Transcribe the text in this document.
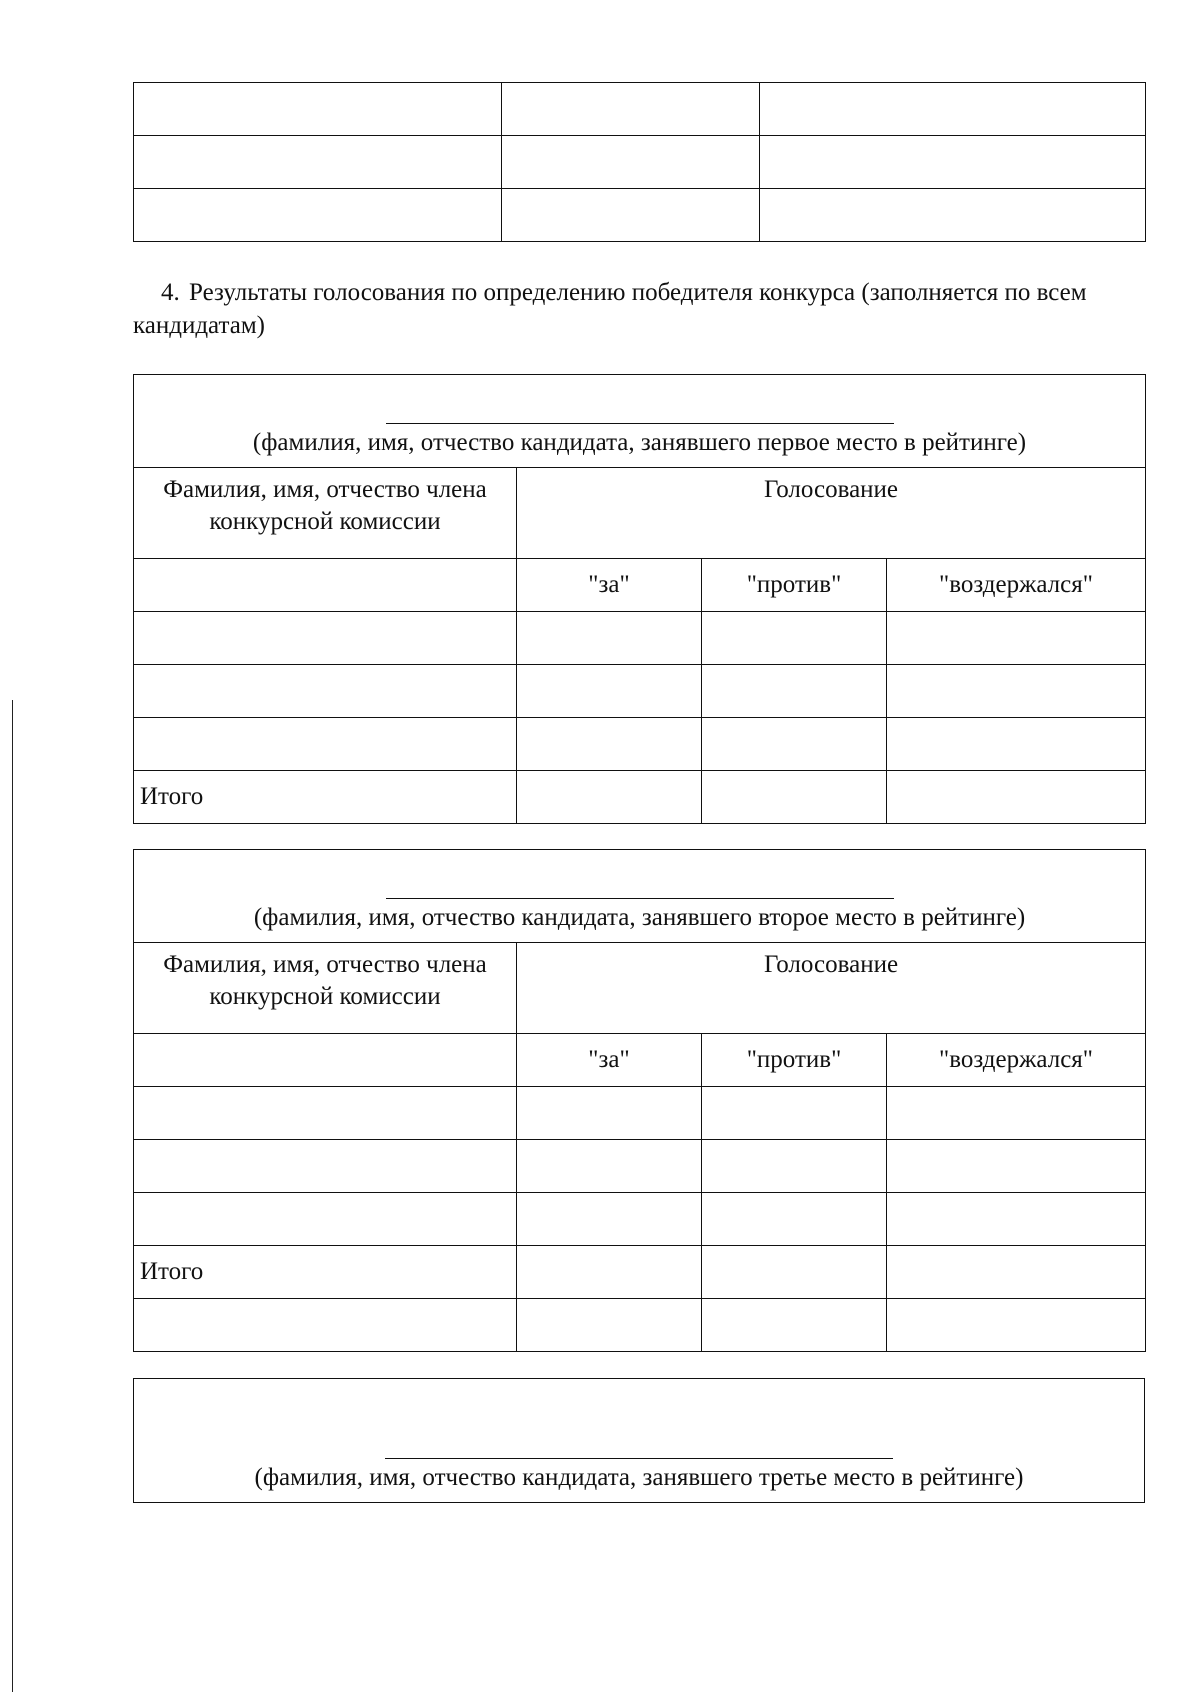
4. Результаты голосования по определению победителя конкурса (заполняется по всем кандидатам)
(фамилия, имя, отчество кандидата, занявшего первое место в рейтинге)			
Фамилия, имя, отчество члена конкурсной комиссии	Голосование		
	"за"	"против"	"воздержался"

Итого			
(фамилия, имя, отчество кандидата, занявшего второе место в рейтинге)			
Фамилия, имя, отчество члена конкурсной комиссии	Голосование		
	"за"	"против"	"воздержался"

Итого			

(фамилия, имя, отчество кандидата, занявшего третье место в рейтинге)
